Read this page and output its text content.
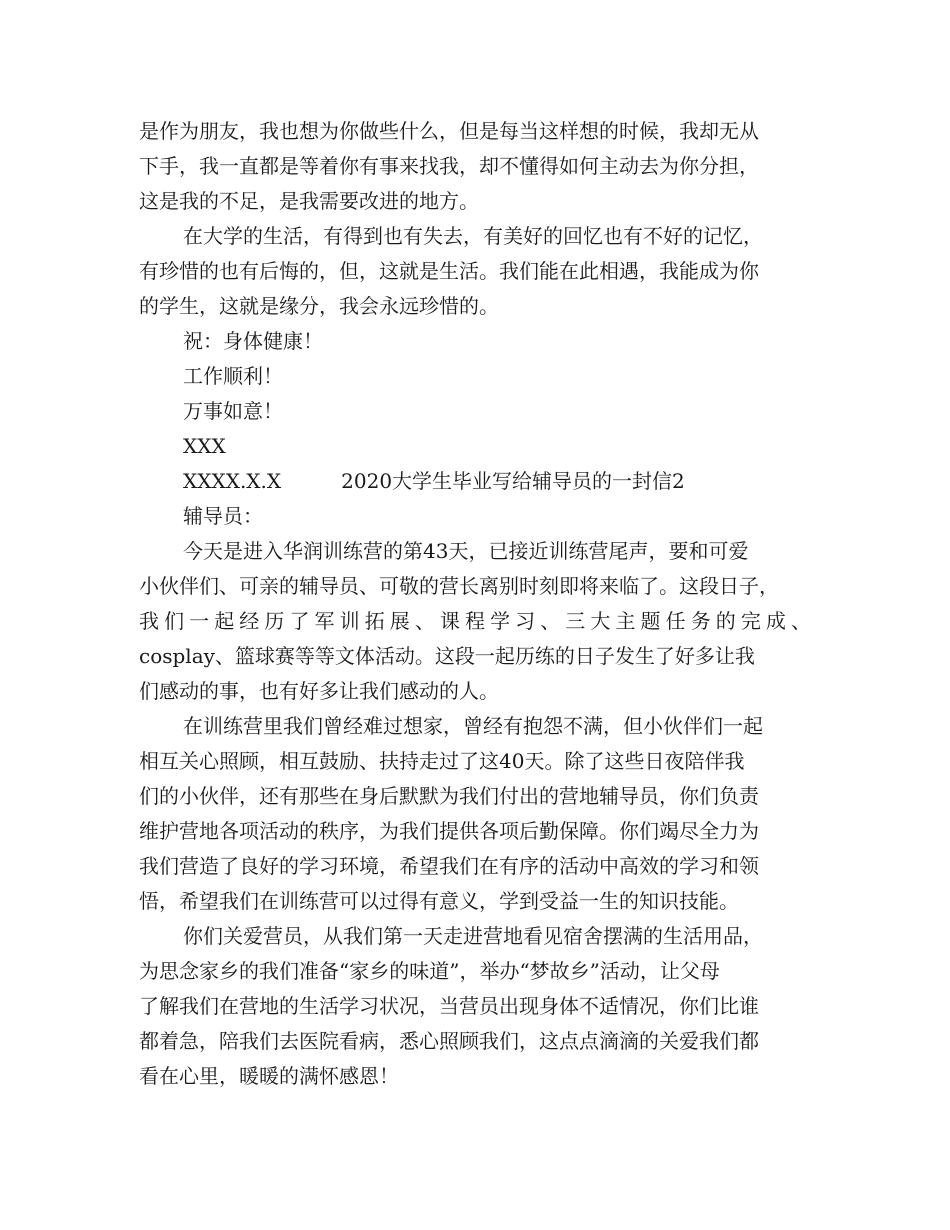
是作为朋友，我也想为你做些什么，但是每当这样想的时候，我却无从
下手，我一直都是等着你有事来找我，却不懂得如何主动去为你分担，
这是我的不足，是我需要改进的地方。
在大学的生活，有得到也有失去，有美好的回忆也有不好的记忆，
有珍惜的也有后悔的，但，这就是生活。我们能在此相遇，我能成为你
的学生，这就是缘分，我会永远珍惜的。
祝：身体健康！
工作顺利！
万事如意！
XXX
XXXX.X.X　　　2020大学生毕业写给辅导员的一封信2
辅导员：
今天是进入华润训练营的第43天，已接近训练营尾声，要和可爱
小伙伴们、可亲的辅导员、可敬的营长离别时刻即将来临了。这段日子，
我们一起经历了军训拓展、课程学习、三大主题任务的完成、
cosplay、篮球赛等等文体活动。这段一起历练的日子发生了好多让我
们感动的事，也有好多让我们感动的人。
在训练营里我们曾经难过想家，曾经有抱怨不满，但小伙伴们一起
相互关心照顾，相互鼓励、扶持走过了这40天。除了这些日夜陪伴我
们的小伙伴，还有那些在身后默默为我们付出的营地辅导员，你们负责
维护营地各项活动的秩序，为我们提供各项后勤保障。你们竭尽全力为
我们营造了良好的学习环境，希望我们在有序的活动中高效的学习和领
悟，希望我们在训练营可以过得有意义，学到受益一生的知识技能。
你们关爱营员，从我们第一天走进营地看见宿舍摆满的生活用品，
为思念家乡的我们准备“家乡的味道”，举办“梦故乡”活动，让父母
了解我们在营地的生活学习状况，当营员出现身体不适情况，你们比谁
都着急，陪我们去医院看病，悉心照顾我们，这点点滴滴的关爱我们都
看在心里，暖暖的满怀感恩！
